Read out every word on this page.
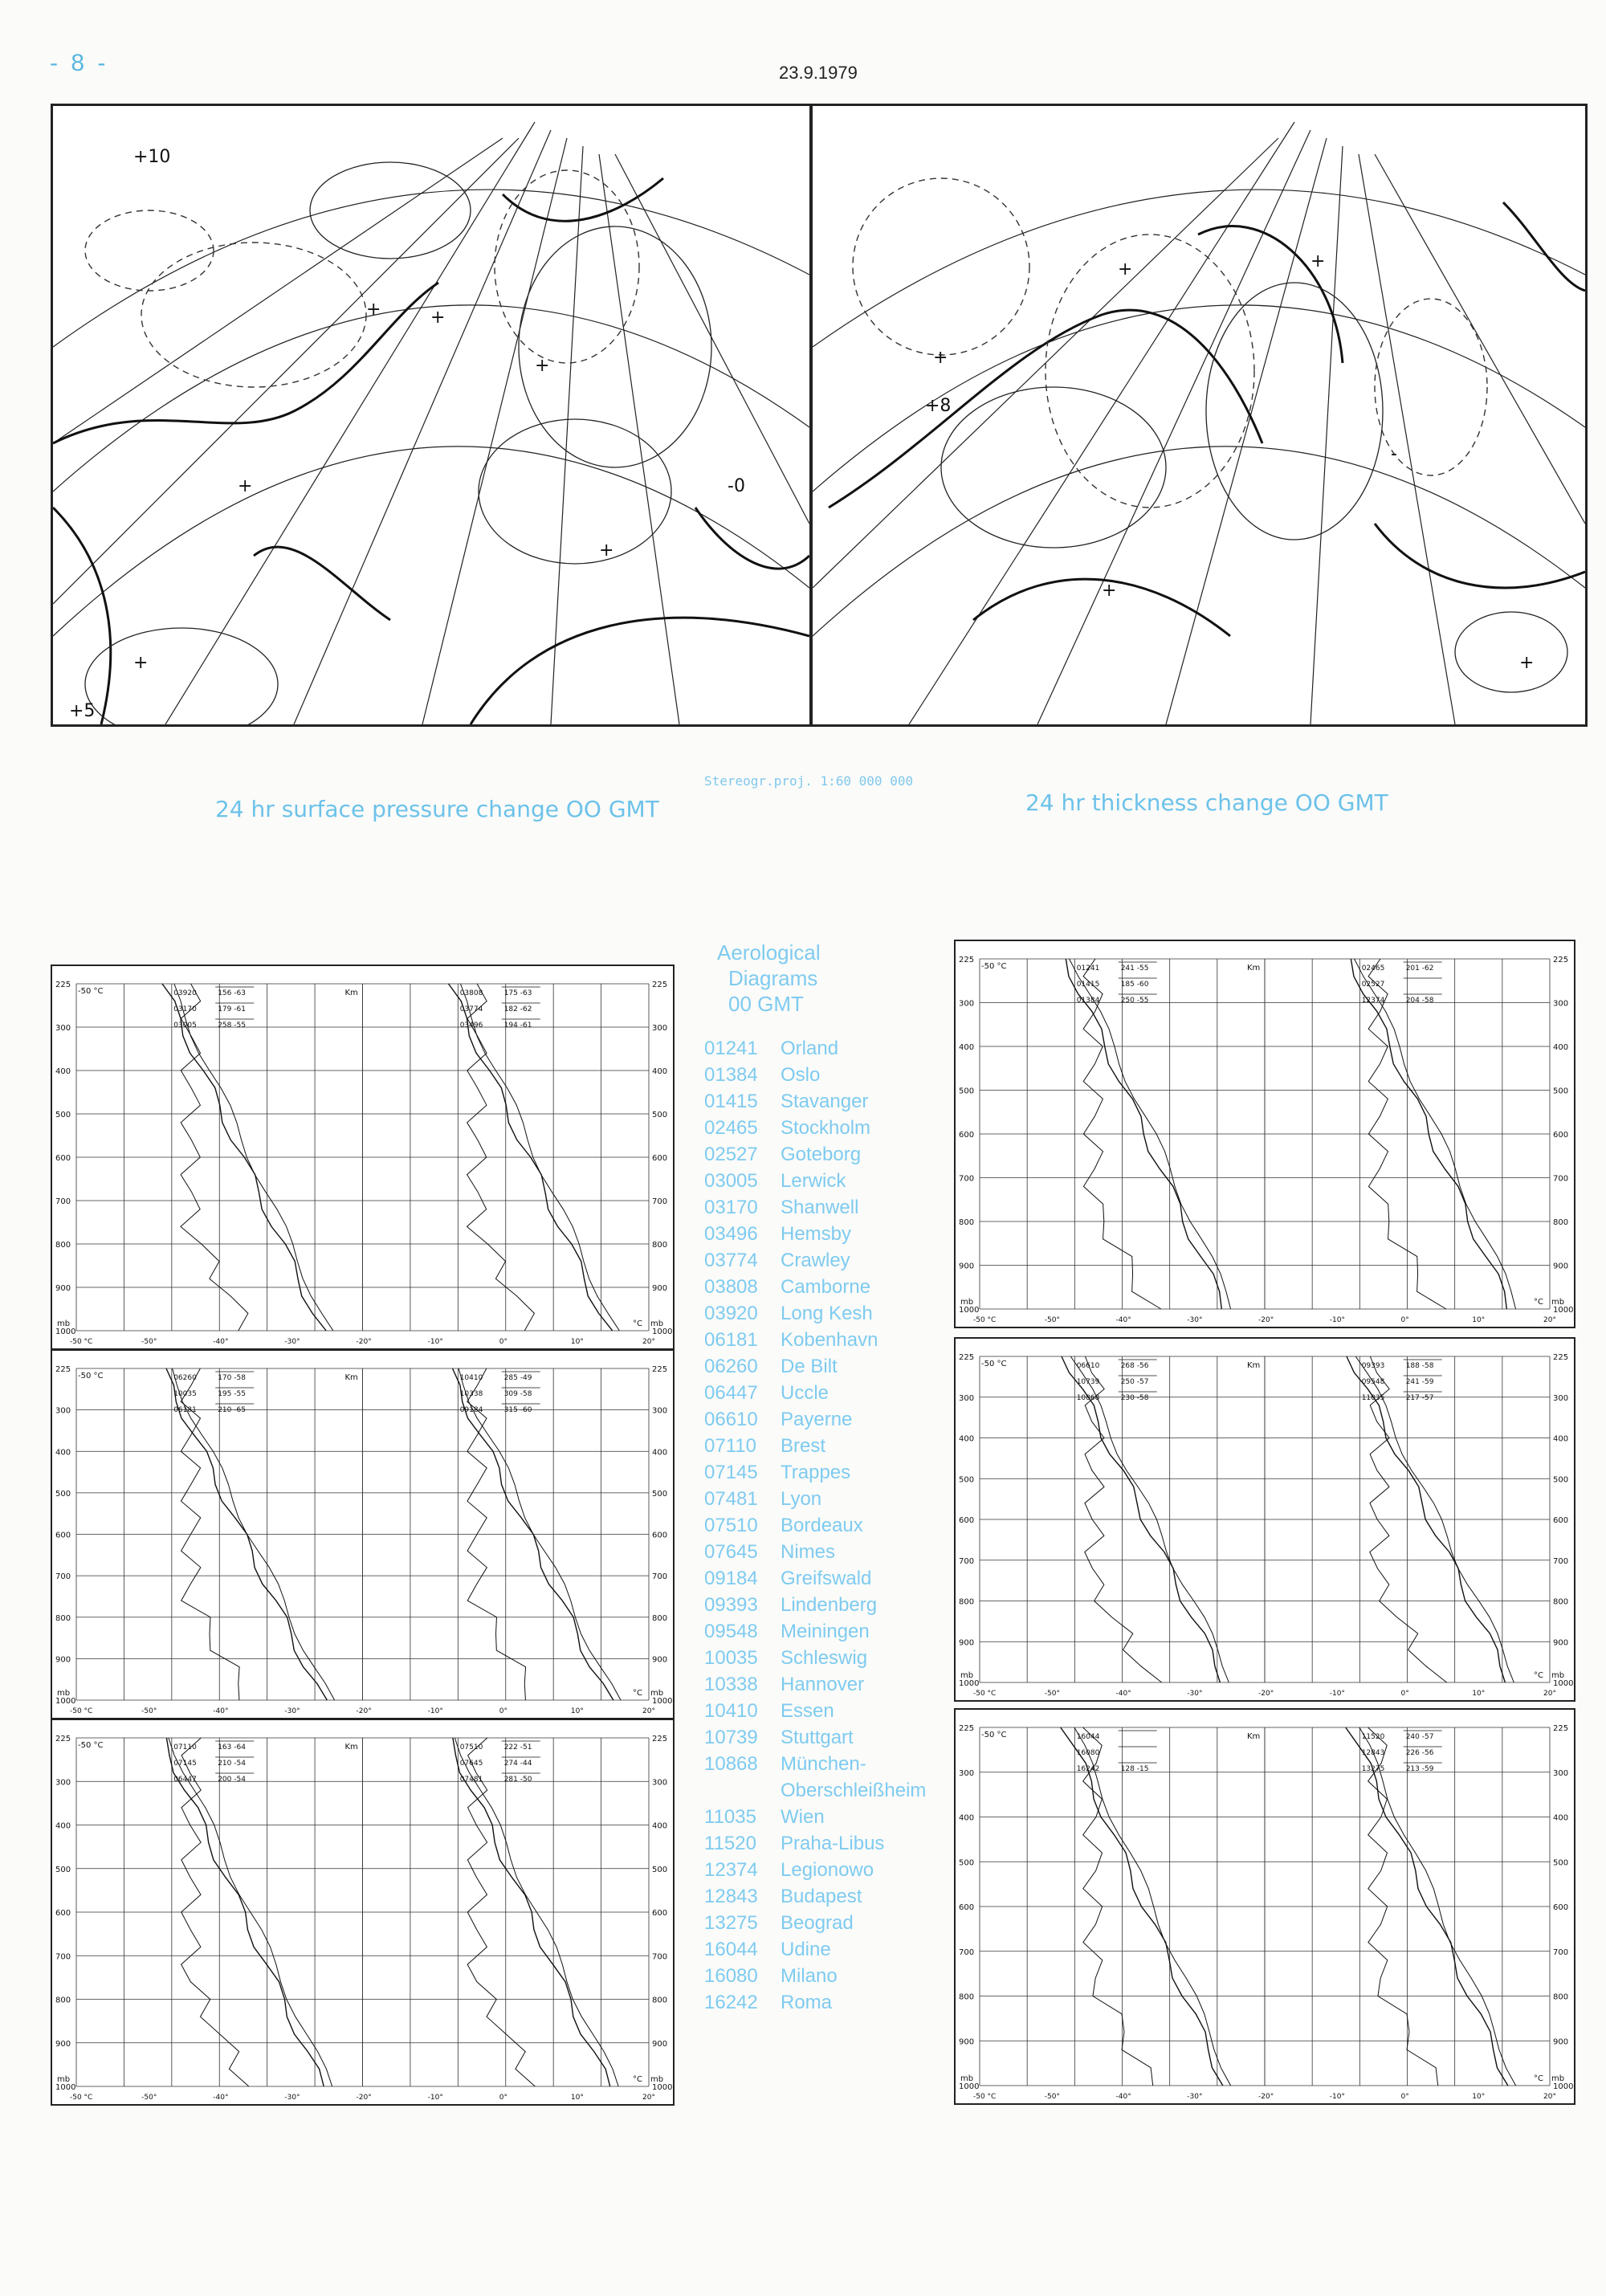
- 8 -	23.9.1979
+10
+
+
+
+
+
+
-0
+5
+
+	+
+
-
+
+8
24 hr surface pressure change OO GMT
Stereogr.proj. 1:60 000 000
24 hr thickness change OO GMT
225	225
300	300
400	400
500	500
600	600
700	700
800	800
900	900
1000	1000
-50 °C	-50°	-40°	-30°	-20°	-10°	0°	10°	20°
Km
mb	mb
-50 °C
°C
03920	156 -63
03170	179 -61
03005	258 -55
03808	175 -63
03774	182 -62
03496	194 -61
225	225
300	300
400	400
500	500
600	600
700	700
800	800
900	900
1000	1000
-50 °C	-50°	-40°	-30°	-20°	-10°	0°	10°	20°
Km
mb	mb
-50 °C
°C
06260	170 -58
10035	195 -55
06181	210 -65
10410	285 -49
10338	309 -58
09184	315 -60
225	225
300	300
400	400
500	500
600	600
700	700
800	800
900	900
1000	1000
-50 °C	-50°	-40°	-30°	-20°	-10°	0°	10°	20°
Km
mb	mb
-50 °C
°C
07110	163 -64
07145	210 -54
06447	200 -54
07510	222 -51
07645	274 -44
07481	281 -50
225	225
300	300
400	400
500	500
600	600
700	700
800	800
900	900
1000	1000
-50 °C	-50°	-40°	-30°	-20°	-10°	0°	10°	20°
Km
mb	mb
-50 °C
°C
01241	241 -55
01415	185 -60
01384	250 -55
02465	201 -62
02527
12374	204 -58
225	225
300	300
400	400
500	500
600	600
700	700
800	800
900	900
1000	1000
-50 °C	-50°	-40°	-30°	-20°	-10°	0°	10°	20°
Km
mb	mb
-50 °C
°C
06610	268 -56
10739	250 -57
10868	230 -58
09393	188 -58
09548	241 -59
11035	217 -57
225	225
300	300
400	400
500	500
600	600
700	700
800	800
900	900
1000	1000
-50 °C	-50°	-40°	-30°	-20°	-10°	0°	10°	20°
Km
mb	mb
-50 °C
°C
16044
16080
16242	128 -15
11520	240 -57
12843	226 -56
13275	213 -59
Aerological
Diagrams
00 GMT
01241 Orland
01384 Oslo
01415 Stavanger
02465 Stockholm
02527 Goteborg
03005 Lerwick
03170 Shanwell
03496 Hemsby
03774 Crawley
03808 Camborne
03920 Long Kesh
06181 Kobenhavn
06260 De Bilt
06447 Uccle
06610 Payerne
07110 Brest
07145 Trappes
07481 Lyon
07510 Bordeaux
07645 Nimes
09184 Greifswald
09393 Lindenberg
09548 Meiningen
10035 Schleswig
10338 Hannover
10410 Essen
10739 Stuttgart
10868 München-
Oberschleißheim
11035 Wien
11520 Praha-Libus
12374 Legionowo
12843 Budapest
13275 Beograd
16044 Udine
16080 Milano
16242 Roma
